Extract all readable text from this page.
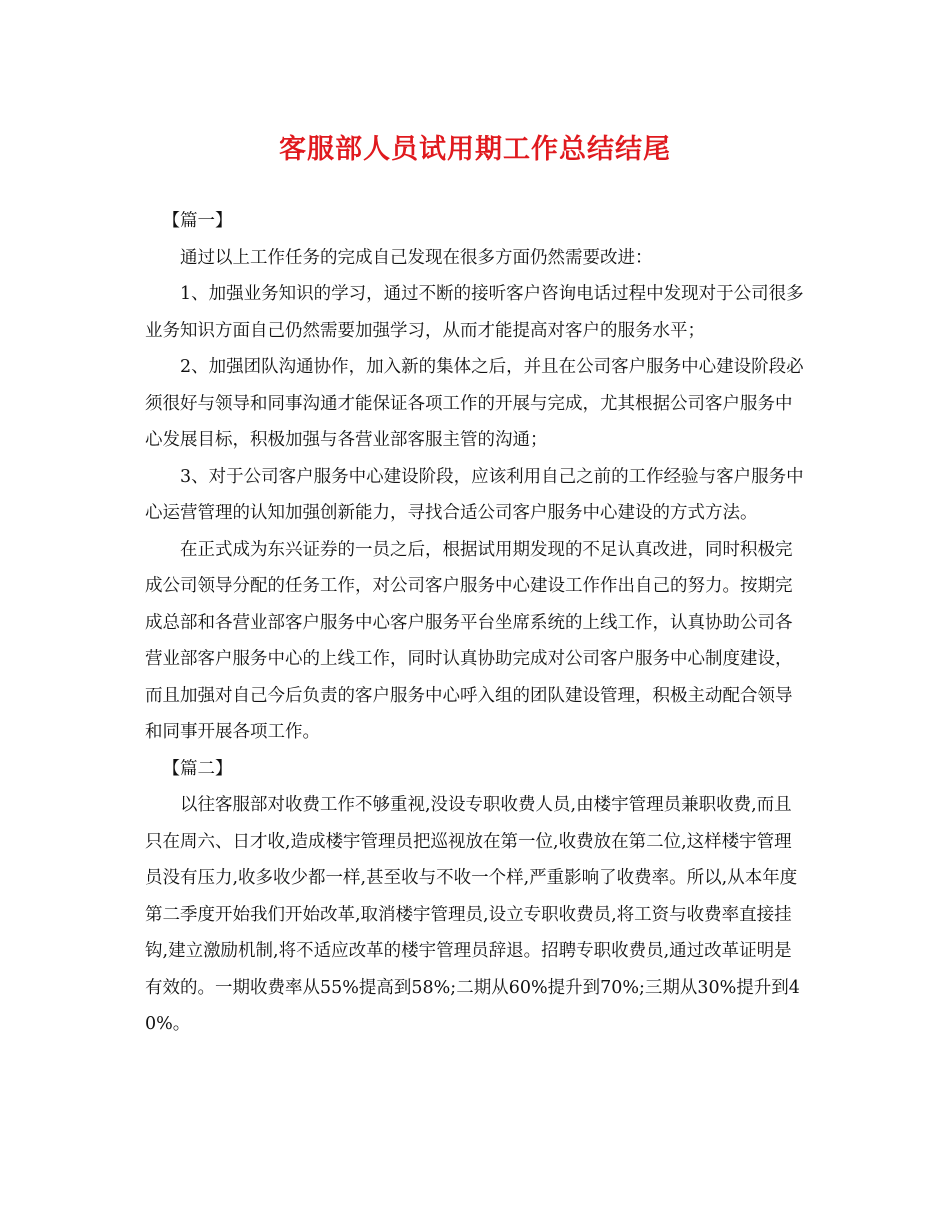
客服部人员试用期工作总结结尾

【篇一】

通过以上工作任务的完成自己发现在很多方面仍然需要改进：

1、加强业务知识的学习，通过不断的接听客户咨询电话过程中发现对于公司很多业务知识方面自己仍然需要加强学习，从而才能提高对客户的服务水平；

2、加强团队沟通协作，加入新的集体之后，并且在公司客户服务中心建设阶段必须很好与领导和同事沟通才能保证各项工作的开展与完成，尤其根据公司客户服务中心发展目标，积极加强与各营业部客服主管的沟通；

3、对于公司客户服务中心建设阶段，应该利用自己之前的工作经验与客户服务中心运营管理的认知加强创新能力，寻找合适公司客户服务中心建设的方式方法。

在正式成为东兴证券的一员之后，根据试用期发现的不足认真改进，同时积极完成公司领导分配的任务工作，对公司客户服务中心建设工作作出自己的努力。按期完成总部和各营业部客户服务中心客户服务平台坐席系统的上线工作，认真协助公司各营业部客户服务中心的上线工作，同时认真协助完成对公司客户服务中心制度建设，而且加强对自己今后负责的客户服务中心呼入组的团队建设管理，积极主动配合领导和同事开展各项工作。

【篇二】

以往客服部对收费工作不够重视,没设专职收费人员,由楼宇管理员兼职收费,而且只在周六、日才收,造成楼宇管理员把巡视放在第一位,收费放在第二位,这样楼宇管理员没有压力,收多收少都一样,甚至收与不收一个样,严重影响了收费率。所以,从本年度第二季度开始我们开始改革,取消楼宇管理员,设立专职收费员,将工资与收费率直接挂钩,建立激励机制,将不适应改革的楼宇管理员辞退。招聘专职收费员,通过改革证明是有效的。一期收费率从55%提高到58%;二期从60%提升到70%;三期从30%提升到40%。
